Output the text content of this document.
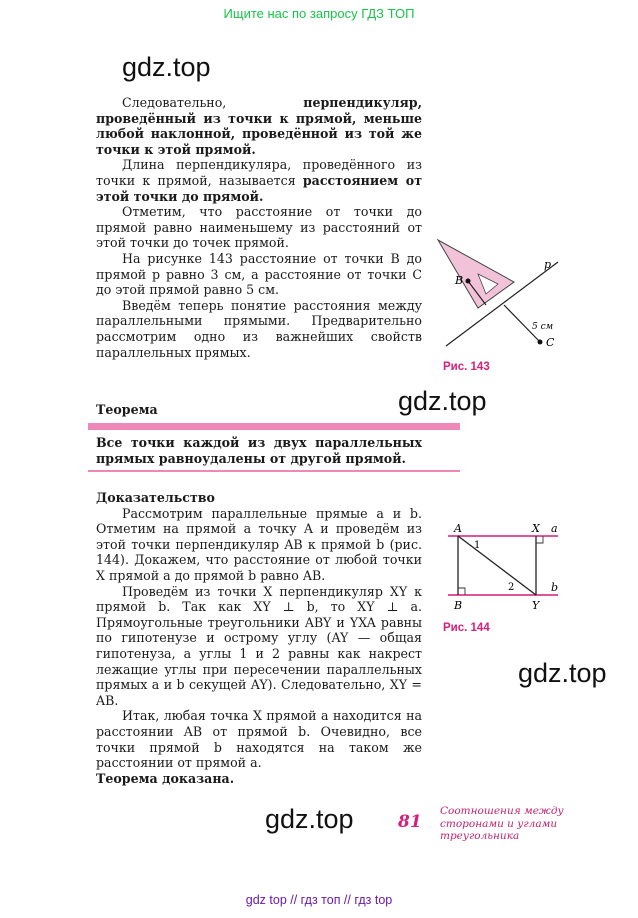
Ищите нас по запросу ГДЗ ТОП
gdz.top
gdz.top
gdz.top
gdz.top

Следовательно, перпендикуляр, проведённый из точки к прямой, меньше любой наклонной, проведённой из той же точки к этой прямой.

Длина перпендикуляра, проведённого из точки к прямой, называется расстоянием от этой точки до прямой.

Отметим, что расстояние от точки до прямой равно наименьшему из расстояний от этой точки до точек прямой.

На рисунке 143 расстояние от точки B до прямой p равно 3 см, а расстояние от точки C до этой прямой равно 5 см.

Введём теперь понятие расстояния между параллельными прямыми. Предварительно рассмотрим одно из важнейших свойств параллельных прямых.

Теорема
Все точки каждой из двух параллельных прямых равноудалены от другой прямой.

Доказательство

Рассмотрим параллельные прямые a и b. Отметим на прямой a точку A и проведём из этой точки перпендикуляр AB к прямой b (рис. 144). Докажем, что расстояние от любой точки X прямой a до прямой b равно AB.

Проведём из точки X перпендикуляр XY к прямой b. Так как XY ⊥ b, то XY ⊥ a. Прямоугольные треугольники ABY и YXA равны по гипотенузе и острому углу (AY — общая гипотенуза, а углы 1 и 2 равны как накрест лежащие углы при пересечении параллельных прямых a и b секущей AY). Следовательно, XY = AB.

Итак, любая точка X прямой a находится на расстоянии AB от прямой b. Очевидно, все точки прямой b находятся на таком же расстоянии от прямой a.

Теорема доказана.

B
p
C
5 см
Рис. 143
A	X a
1
2	b
B	Y
Рис. 144
81
Соотношения между сторонами и углами треугольника
gdz top // гдз топ // гдз top
